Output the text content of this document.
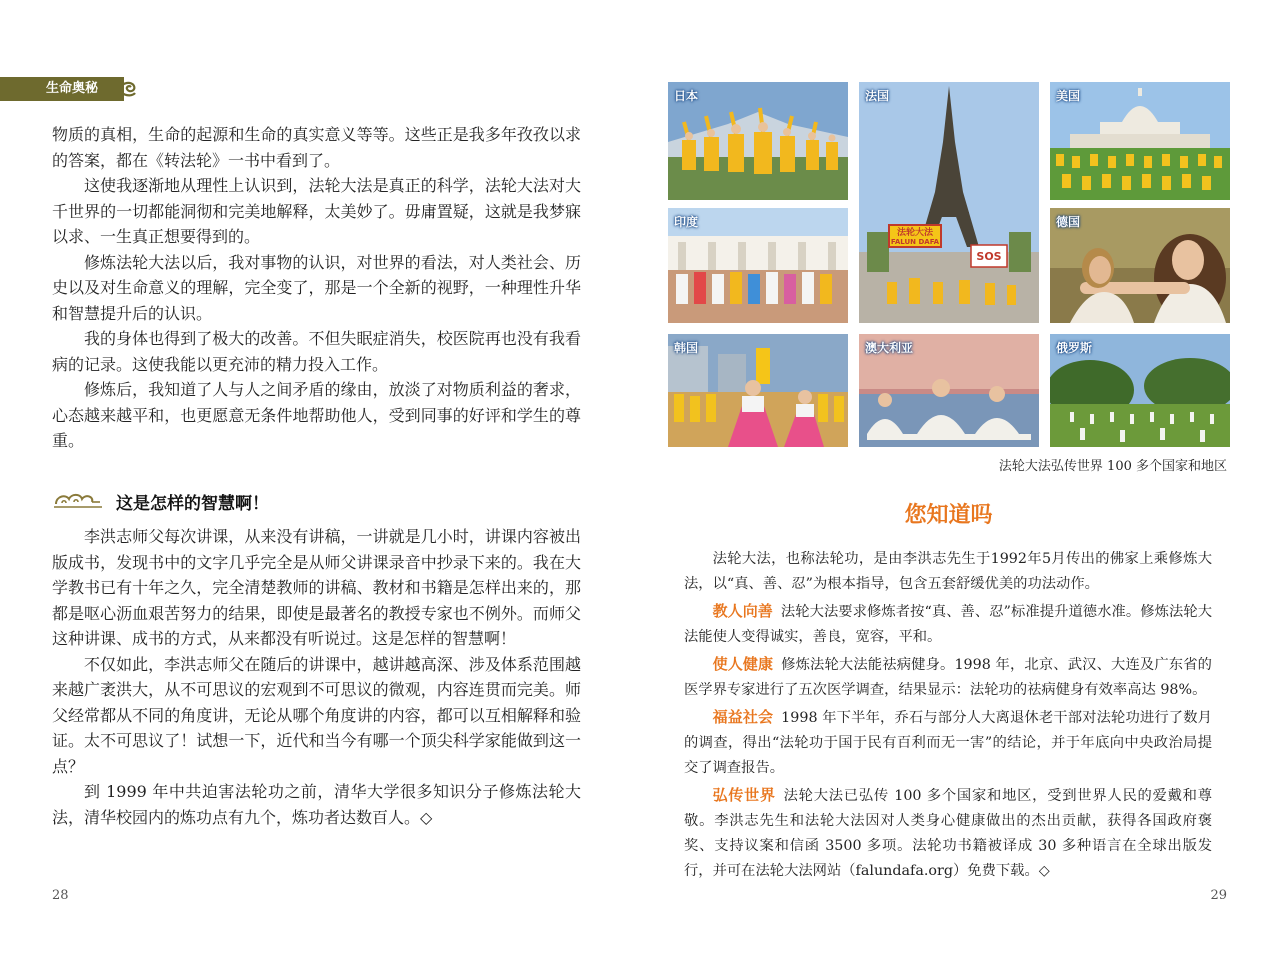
生命奥秘

物质的真相，生命的起源和生命的真实意义等等。这些正是我多年孜孜以求的答案，都在《转法轮》一书中看到了。

这使我逐渐地从理性上认识到，法轮大法是真正的科学，法轮大法对大千世界的一切都能洞彻和完美地解释，太美妙了。毋庸置疑，这就是我梦寐以求、一生真正想要得到的。

修炼法轮大法以后，我对事物的认识，对世界的看法，对人类社会、历史以及对生命意义的理解，完全变了，那是一个全新的视野，一种理性升华和智慧提升后的认识。

我的身体也得到了极大的改善。不但失眠症消失，校医院再也没有我看病的记录。这使我能以更充沛的精力投入工作。

修炼后，我知道了人与人之间矛盾的缘由，放淡了对物质利益的奢求，心态越来越平和，也更愿意无条件地帮助他人，受到同事的好评和学生的尊重。

这是怎样的智慧啊！

李洪志师父每次讲课，从来没有讲稿，一讲就是几小时，讲课内容被出版成书，发现书中的文字几乎完全是从师父讲课录音中抄录下来的。我在大学教书已有十年之久，完全清楚教师的讲稿、教材和书籍是怎样出来的，那都是呕心沥血艰苦努力的结果，即使是最著名的教授专家也不例外。而师父这种讲课、成书的方式，从来都没有听说过。这是怎样的智慧啊！

不仅如此，李洪志师父在随后的讲课中，越讲越高深、涉及体系范围越来越广袤洪大，从不可思议的宏观到不可思议的微观，内容连贯而完美。师父经常都从不同的角度讲，无论从哪个角度讲的内容，都可以互相解释和验证。太不可思议了！试想一下，近代和当今有哪一个顶尖科学家能做到这一点？

到 1999 年中共迫害法轮功之前，清华大学很多知识分子修炼法轮大法，清华校园内的炼功点有九个，炼功者达数百人。◇

28
日本
法轮大法
FALUN DAFA
SOS
法国	美国
印度	德国
韩国	澳大利亚	俄罗斯
法轮大法弘传世界 100 多个国家和地区
您知道吗

法轮大法，也称法轮功，是由李洪志先生于1992年5月传出的佛家上乘修炼大法，以“真、善、忍”为根本指导，包含五套舒缓优美的功法动作。

教人向善 法轮大法要求修炼者按“真、善、忍”标准提升道德水准。修炼法轮大法能使人变得诚实，善良，宽容，平和。

使人健康 修炼法轮大法能祛病健身。1998 年，北京、武汉、大连及广东省的医学界专家进行了五次医学调查，结果显示：法轮功的祛病健身有效率高达 98%。

福益社会 1998 年下半年，乔石与部分人大离退休老干部对法轮功进行了数月的调查，得出“法轮功于国于民有百利而无一害”的结论，并于年底向中央政治局提交了调查报告。

弘传世界 法轮大法已弘传 100 多个国家和地区，受到世界人民的爱戴和尊敬。李洪志先生和法轮大法因对人类身心健康做出的杰出贡献，获得各国政府褒奖、支持议案和信函 3500 多项。法轮功书籍被译成 30 多种语言在全球出版发行，并可在法轮大法网站（falundafa.org）免费下载。◇

29
